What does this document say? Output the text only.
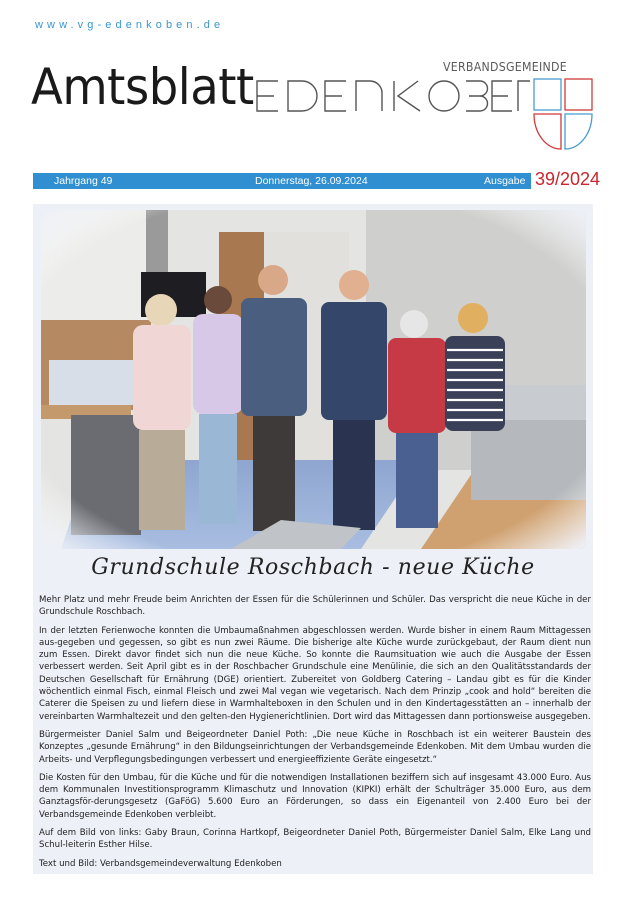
www.vg-edenkoben.de
Amtsblatt	VERBANDSGEMEINDE
Jahrgang 49	Donnerstag, 26.09.2024	Ausgabe 39/2024
Grundschule Roschbach - neue Küche

Mehr Platz und mehr Freude beim Anrichten der Essen für die Schülerinnen und Schüler. Das verspricht die neue Küche in der Grundschule Roschbach.

In der letzten Ferienwoche konnten die Umbaumaßnahmen abgeschlossen werden. Wurde bisher in einem Raum Mittagessen aus-gegeben und gegessen, so gibt es nun zwei Räume. Die bisherige alte Küche wurde zurückgebaut, der Raum dient nun zum Essen. Direkt davor findet sich nun die neue Küche. So konnte die Raumsituation wie auch die Ausgabe der Essen verbessert werden. Seit April gibt es in der Roschbacher Grundschule eine Menülinie, die sich an den Qualitätsstandards der Deutschen Gesellschaft für Ernährung (DGE) orientiert. Zubereitet von Goldberg Catering – Landau gibt es für die Kinder wöchentlich einmal Fisch, einmal Fleisch und zwei Mal vegan wie vegetarisch. Nach dem Prinzip „cook and hold“ bereiten die Caterer die Speisen zu und liefern diese in Warmhalteboxen in den Schulen und in den Kindertagesstätten an – innerhalb der vereinbarten Warmhaltezeit und den gelten-den Hygienerichtlinien. Dort wird das Mittagessen dann portionsweise ausgegeben.

Bürgermeister Daniel Salm und Beigeordneter Daniel Poth: „Die neue Küche in Roschbach ist ein weiterer Baustein des Konzeptes „gesunde Ernährung“ in den Bildungseinrichtungen der Verbandsgemeinde Edenkoben. Mit dem Umbau wurden die Arbeits- und Verpflegungsbedingungen verbessert und energieeffiziente Geräte eingesetzt.“

Die Kosten für den Umbau, für die Küche und für die notwendigen Installationen beziffern sich auf insgesamt 43.000 Euro. Aus dem Kommunalen Investitionsprogramm Klimaschutz und Innovation (KIPKI) erhält der Schulträger 35.000 Euro, aus dem Ganztagsför-derungsgesetz (GaFöG) 5.600 Euro an Förderungen, so dass ein Eigenanteil von 2.400 Euro bei der Verbandsgemeinde Edenkoben verbleibt.

Auf dem Bild von links: Gaby Braun, Corinna Hartkopf, Beigeordneter Daniel Poth, Bürgermeister Daniel Salm, Elke Lang und Schul-leiterin Esther Hilse.

Text und Bild: Verbandsgemeindeverwaltung Edenkoben
